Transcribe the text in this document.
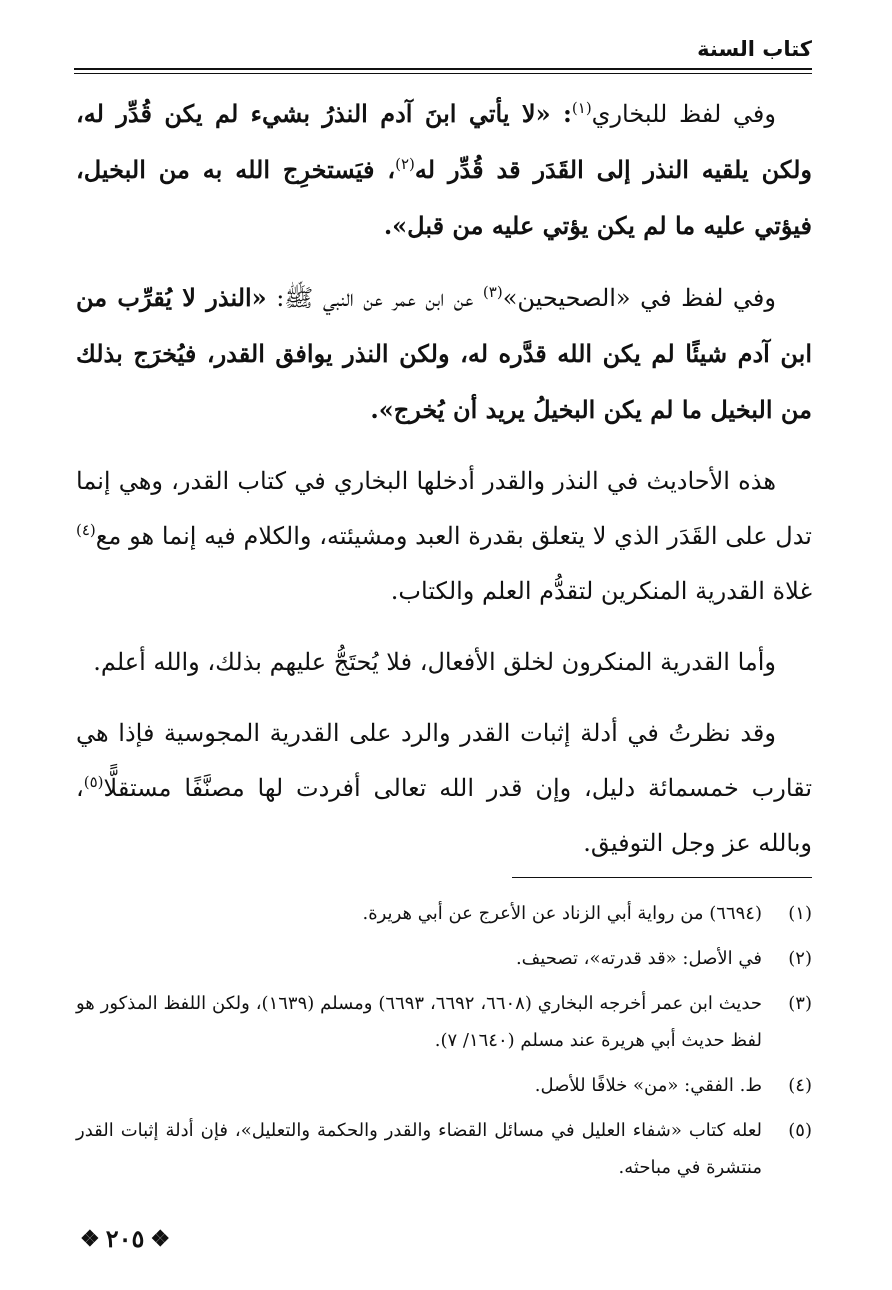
كتاب السنة

وفي لفظ للبخاري$^{(١)}$: «لا يأتي ابنَ آدم النذرُ بشيء لم يكن قُدِّر له، ولكن يلقيه النذر إلى القَدَر قد قُدِّر له$^{(٢)}$، فيَستخرِج الله به من البخيل، فيؤتي عليه ما لم يكن يؤتي عليه من قبل».

وفي لفظ في «الصحيحين»$^{(٣)}$ عن ابن عمر عن النبي ﷺ: «النذر لا يُقرِّب من ابن آدم شيئًا لم يكن الله قدَّره له، ولكن النذر يوافق القدر، فيُخرَج بذلك من البخيل ما لم يكن البخيلُ يريد أن يُخرج».

هذه الأحاديث في النذر والقدر أدخلها البخاري في كتاب القدر، وهي إنما تدل على القَدَر الذي لا يتعلق بقدرة العبد ومشيئته، والكلام فيه إنما هو مع$^{(٤)}$ غلاة القدرية المنكرين لتقدُّم العلم والكتاب.

وأما القدرية المنكرون لخلق الأفعال، فلا يُحتَجُّ عليهم بذلك، والله أعلم.

وقد نظرتُ في أدلة إثبات القدر والرد على القدرية المجوسية فإذا هي تقارب خمسمائة دليل، وإن قدر الله تعالى أفردت لها مصنَّفًا مستقلًّا$^{(٥)}$، وبالله عز وجل التوفيق.

(١)
(٦٦٩٤) من رواية أبي الزناد عن الأعرج عن أبي هريرة.
(٢)
في الأصل: «قد قدرته»، تصحيف.
(٣)
حديث ابن عمر أخرجه البخاري (٦٦٠٨، ٦٦٩٢، ٦٦٩٣) ومسلم (١٦٣٩)، ولكن اللفظ المذكور هو لفظ حديث أبي هريرة عند مسلم (١٦٤٠/ ٧).
(٤)
ط. الفقي: «من» خلافًا للأصل.
(٥)
لعله كتاب «شفاء العليل في مسائل القضاء والقدر والحكمة والتعليل»، فإن أدلة إثبات القدر منتشرة في مباحثه.
❖
٢٠٥
❖
